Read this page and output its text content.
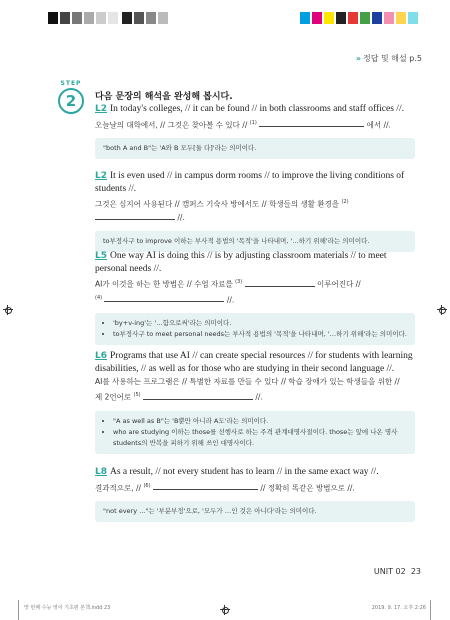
» 정답 및 해설 p.5
STEP
2	다음 문장의 해석을 완성해 봅시다.
L2 In today's colleges, // it can be found // in both classrooms and staff offices //.
오늘날의 대학에서, // 그것은 찾아볼 수 있다 // $^{(1)}$	에서 //.
"both A and B"는 'A와 B 모두[둘 다]'라는 의미이다.
L2 It is even used // in campus dorm rooms // to improve the living conditions of students //.
그것은 심지어 사용된다 // 캠퍼스 기숙사 방에서도 // 학생들의 생활 환경을 $^{(2)}$  //.
to부정사구 to improve 이하는 부사적 용법의 '목적'을 나타내며, '…하기 위해'라는 의미이다.
L5 One way AI is doing this // is by adjusting classroom materials // to meet personal needs //.
AI가 이것을 하는 한 방법은 // 수업 자료를 $^{(3)}$	이루어진다 //
$^{(4)}$	//.
• 'by+v-ing'는 '…함으로써'라는 의미이다.
• to부정사구 to meet personal needs는 부사적 용법의 '목적'을 나타내며, '…하기 위해'라는 의미이다.
L6 Programs that use AI // can create special resources // for students with learning disabilities, // as well as for those who are studying in their second language //.
AI를 사용하는 프로그램은 // 특별한 자료를 만들 수 있다 // 학습 장애가 있는 학생들을 위한 //
제 2언어로 $^{(5)}$	//.
• "A as well as B"는 'B뿐만 아니라 A도'라는 의미이다.
• who are studying 이하는 those를 선행사로 하는 주격 관계대명사절이다. those는 앞에 나온 명사 students의 반복을 피하기 위해 쓰인 대명사이다.
L8 As a result, // not every student has to learn // in the same exact way //.
결과적으로, // $^{(6)}$	// 정확히 똑같은 방법으로 //.
"not every ..."는 '부분부정'으로, '모두가 …인 것은 아니다'라는 의미이다.
UNIT 02 23
맛 번째 수능 영어 기초편 본책.indd 23	2019. 9. 17. 오후 2:26
